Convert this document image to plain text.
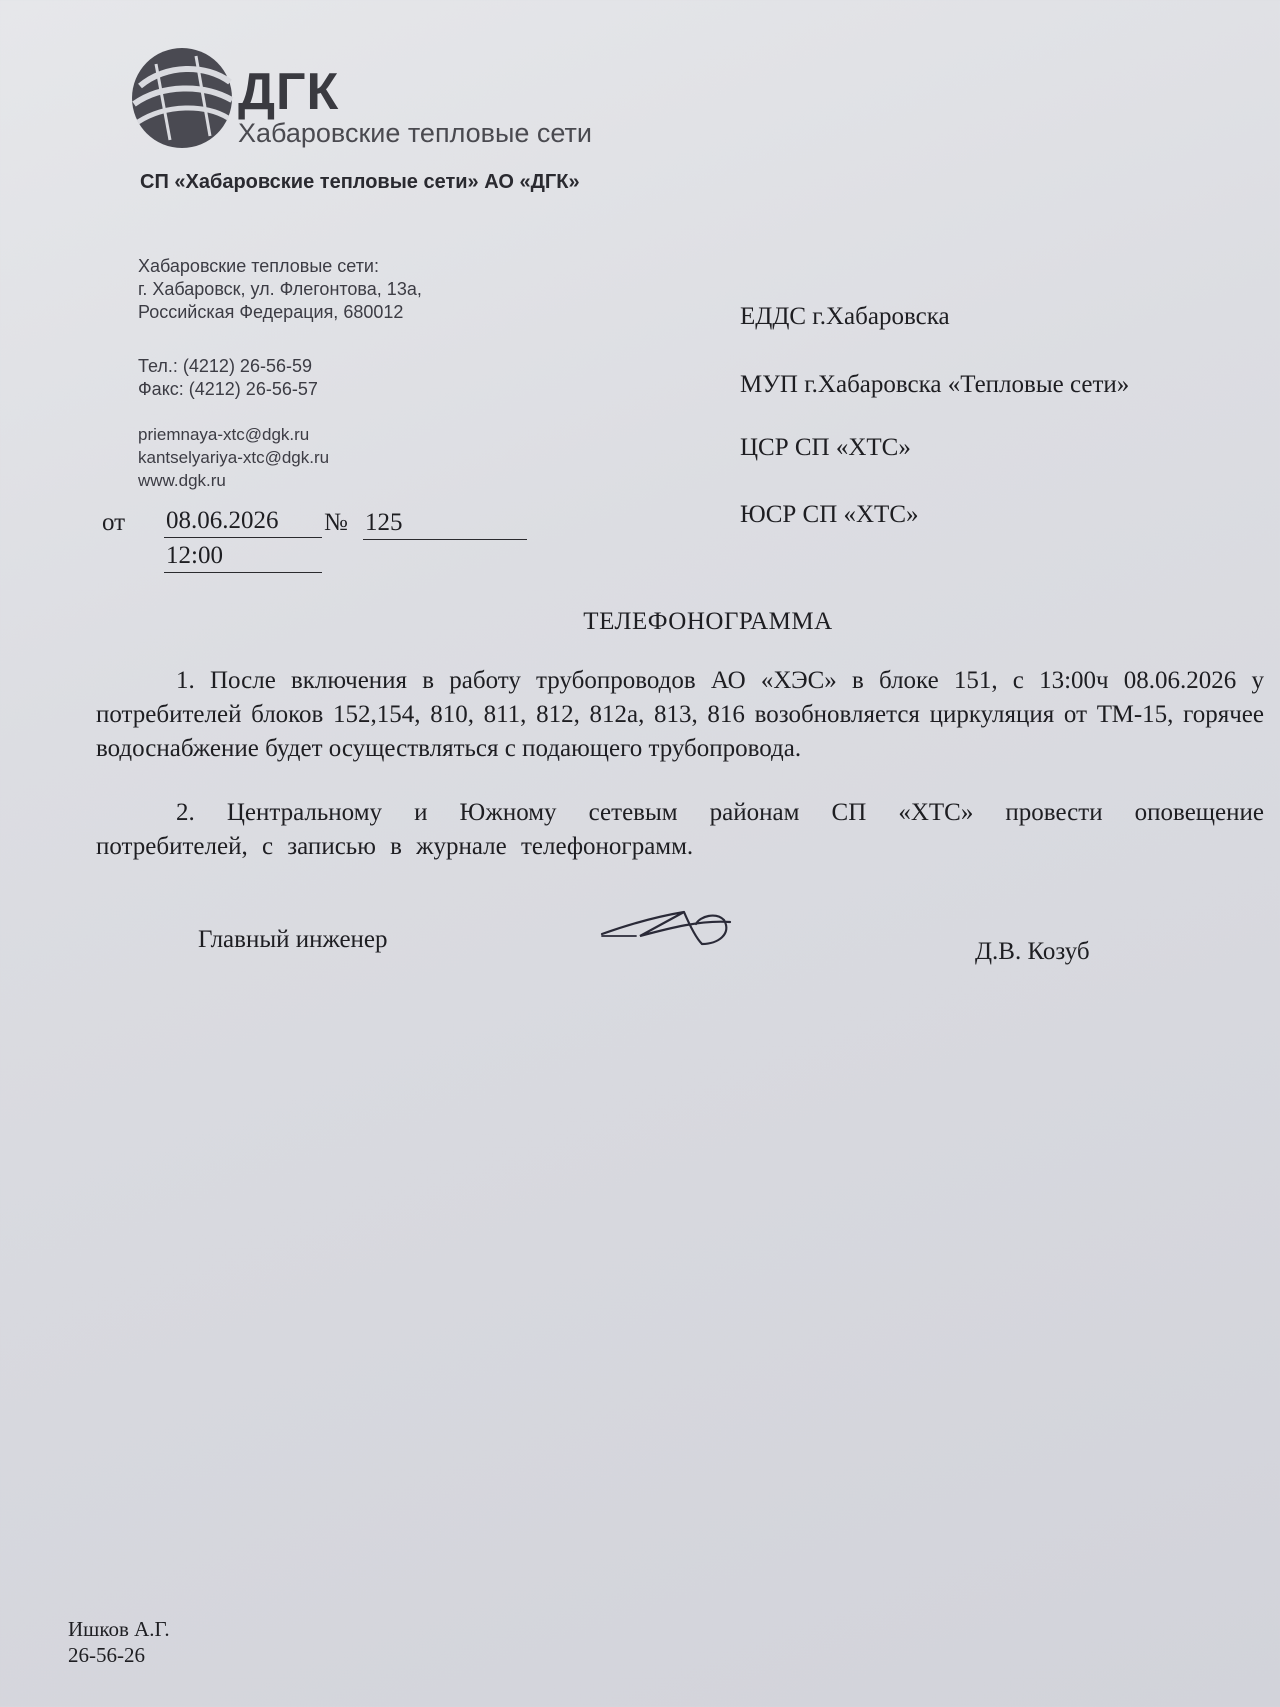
ДГК
Хабаровские тепловые сети
СП «Хабаровские тепловые сети» АО «ДГК»
Хабаровские тепловые сети:
г. Хабаровск, ул. Флегонтова, 13а,
Российская Федерация, 680012
Тел.: (4212) 26-56-59
Факс: (4212) 26-56-57
priemnaya-xtc@dgk.ru
kantselyariya-xtc@dgk.ru
www.dgk.ru
ЕДДС г.Хабаровска
МУП г.Хабаровска «Тепловые сети»
ЦСР СП «ХТС»
ЮСР СП «ХТС»
от 08.06.2026	№ 125
12:00
ТЕЛЕФОНОГРАММА
1. После включения в работу трубопроводов АО «ХЭС» в блоке 151, с 13:00ч 08.06.2026 у потребителей блоков 152,154, 810, 811, 812, 812а, 813, 816 возобновляется циркуляция от ТМ-15, горячее водоснабжение будет осуществляться с подающего трубопровода.
2. Центральному и Южному сетевым районам СП «ХТС» провести оповещение потребителей, с записью в журнале телефонограмм.
Главный инженер	Д.В. Козуб
Ишков А.Г.
26-56-26
